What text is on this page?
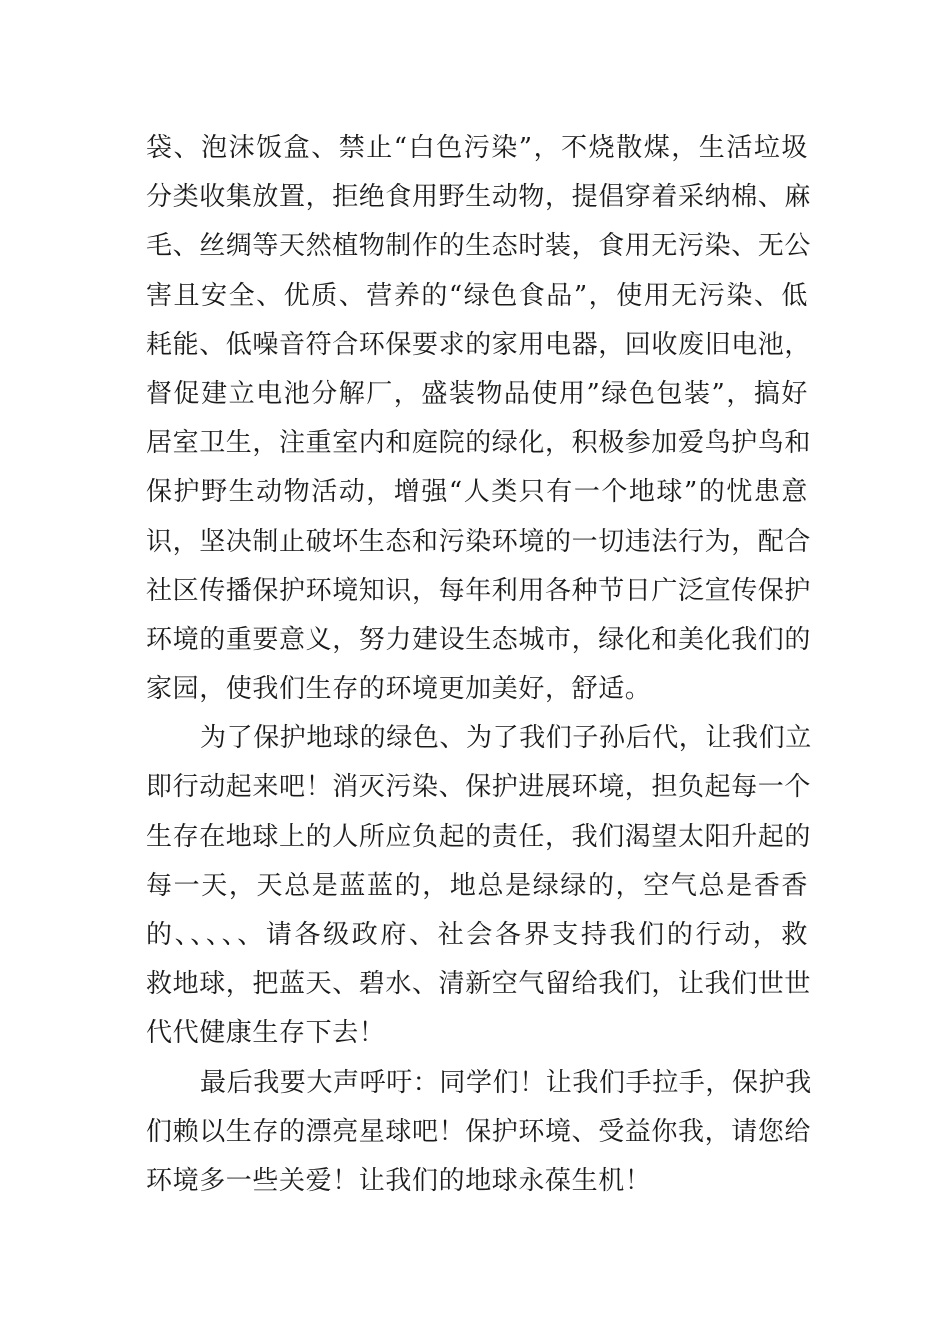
袋、泡沫饭盒、禁止“白色污染”，不烧散煤，生活垃圾
分类收集放置，拒绝食用野生动物，提倡穿着采纳棉、麻
毛、丝绸等天然植物制作的生态时装，食用无污染、无公
害且安全、优质、营养的“绿色食品”，使用无污染、低
耗能、低噪音符合环保要求的家用电器，回收废旧电池，
督促建立电池分解厂，盛装物品使用”绿色包装”，搞好
居室卫生，注重室内和庭院的绿化，积极参加爱鸟护鸟和
保护野生动物活动，增强“人类只有一个地球”的忧患意
识，坚决制止破坏生态和污染环境的一切违法行为，配合
社区传播保护环境知识，每年利用各种节日广泛宣传保护
环境的重要意义，努力建设生态城市，绿化和美化我们的
家园，使我们生存的环境更加美好，舒适。
为了保护地球的绿色、为了我们子孙后代，让我们立
即行动起来吧！消灭污染、保护进展环境，担负起每一个
生存在地球上的人所应负起的责任，我们渴望太阳升起的
每一天，天总是蓝蓝的，地总是绿绿的，空气总是香香
的、、、、、请各级政府、社会各界支持我们的行动，救
救地球，把蓝天、碧水、清新空气留给我们，让我们世世
代代健康生存下去！
最后我要大声呼吁：同学们！让我们手拉手，保护我
们赖以生存的漂亮星球吧！保护环境、受益你我，请您给
环境多一些关爱！让我们的地球永葆生机！
